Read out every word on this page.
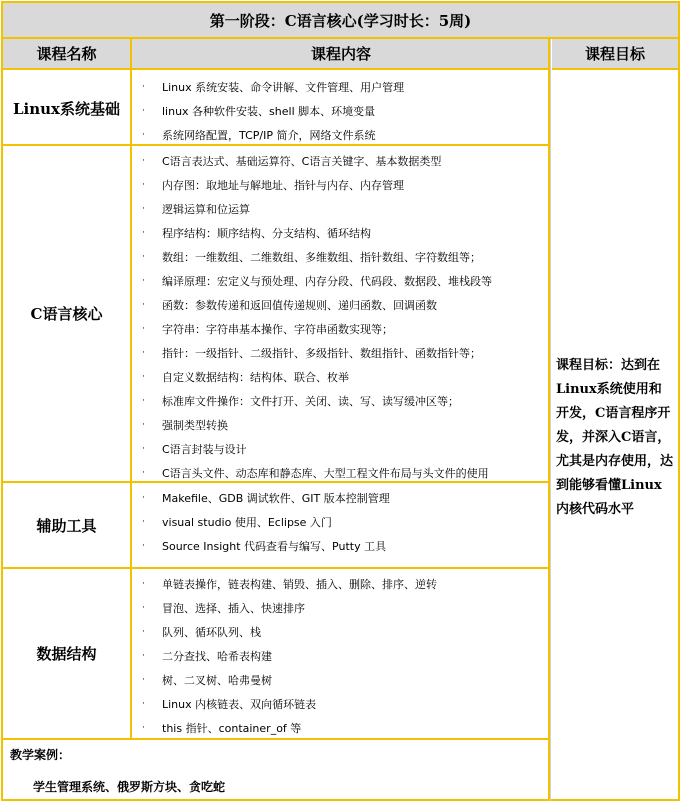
第一阶段：C语言核心(学习时长：5周)
课程名称	课程内容	课程目标
Linux系统基础
·	Linux 系统安装、命令讲解、文件管理、用户管理
·	linux 各种软件安装、shell 脚本、环境变量
·	系统网络配置，TCP/IP 简介，网络文件系统
C语言核心
·	C语言表达式、基础运算符、C语言关键字、基本数据类型
·	内存图：取地址与解地址、指针与内存、内存管理
·	逻辑运算和位运算
·	程序结构：顺序结构、分支结构、循环结构
·	数组：一维数组、二维数组、多维数组、指针数组、字符数组等；
·	编译原理：宏定义与预处理、内存分段、代码段、数据段、堆栈段等
·	函数：参数传递和返回值传递规则、递归函数、回调函数
·	字符串：字符串基本操作、字符串函数实现等；
·	指针：一级指针、二级指针、多级指针、数组指针、函数指针等；
·	自定义数据结构：结构体、联合、枚举
·	标准库文件操作：文件打开、关闭、读、写、读写缓冲区等；
·	强制类型转换
·	C语言封装与设计
·	C语言头文件、动态库和静态库、大型工程文件布局与头文件的使用
辅助工具
·	Makefile、GDB 调试软件、GIT 版本控制管理
·	visual studio 使用、Eclipse 入门
·	Source Insight 代码查看与编写、Putty 工具
数据结构
·	单链表操作，链表构建、销毁、插入、删除、排序、逆转
·	冒泡、选择、插入、快速排序
·	队列、循环队列、栈
·	二分查找、哈希表构建
·	树、二叉树、哈弗曼树
·	Linux 内核链表、双向循环链表
·	this 指针、container_of 等
课程目标：达到在Linux系统使用和开发，C语言程序开发，并深入C语言，尤其是内存使用，达到能够看懂Linux内核代码水平
教学案例：
学生管理系统、俄罗斯方块、贪吃蛇
